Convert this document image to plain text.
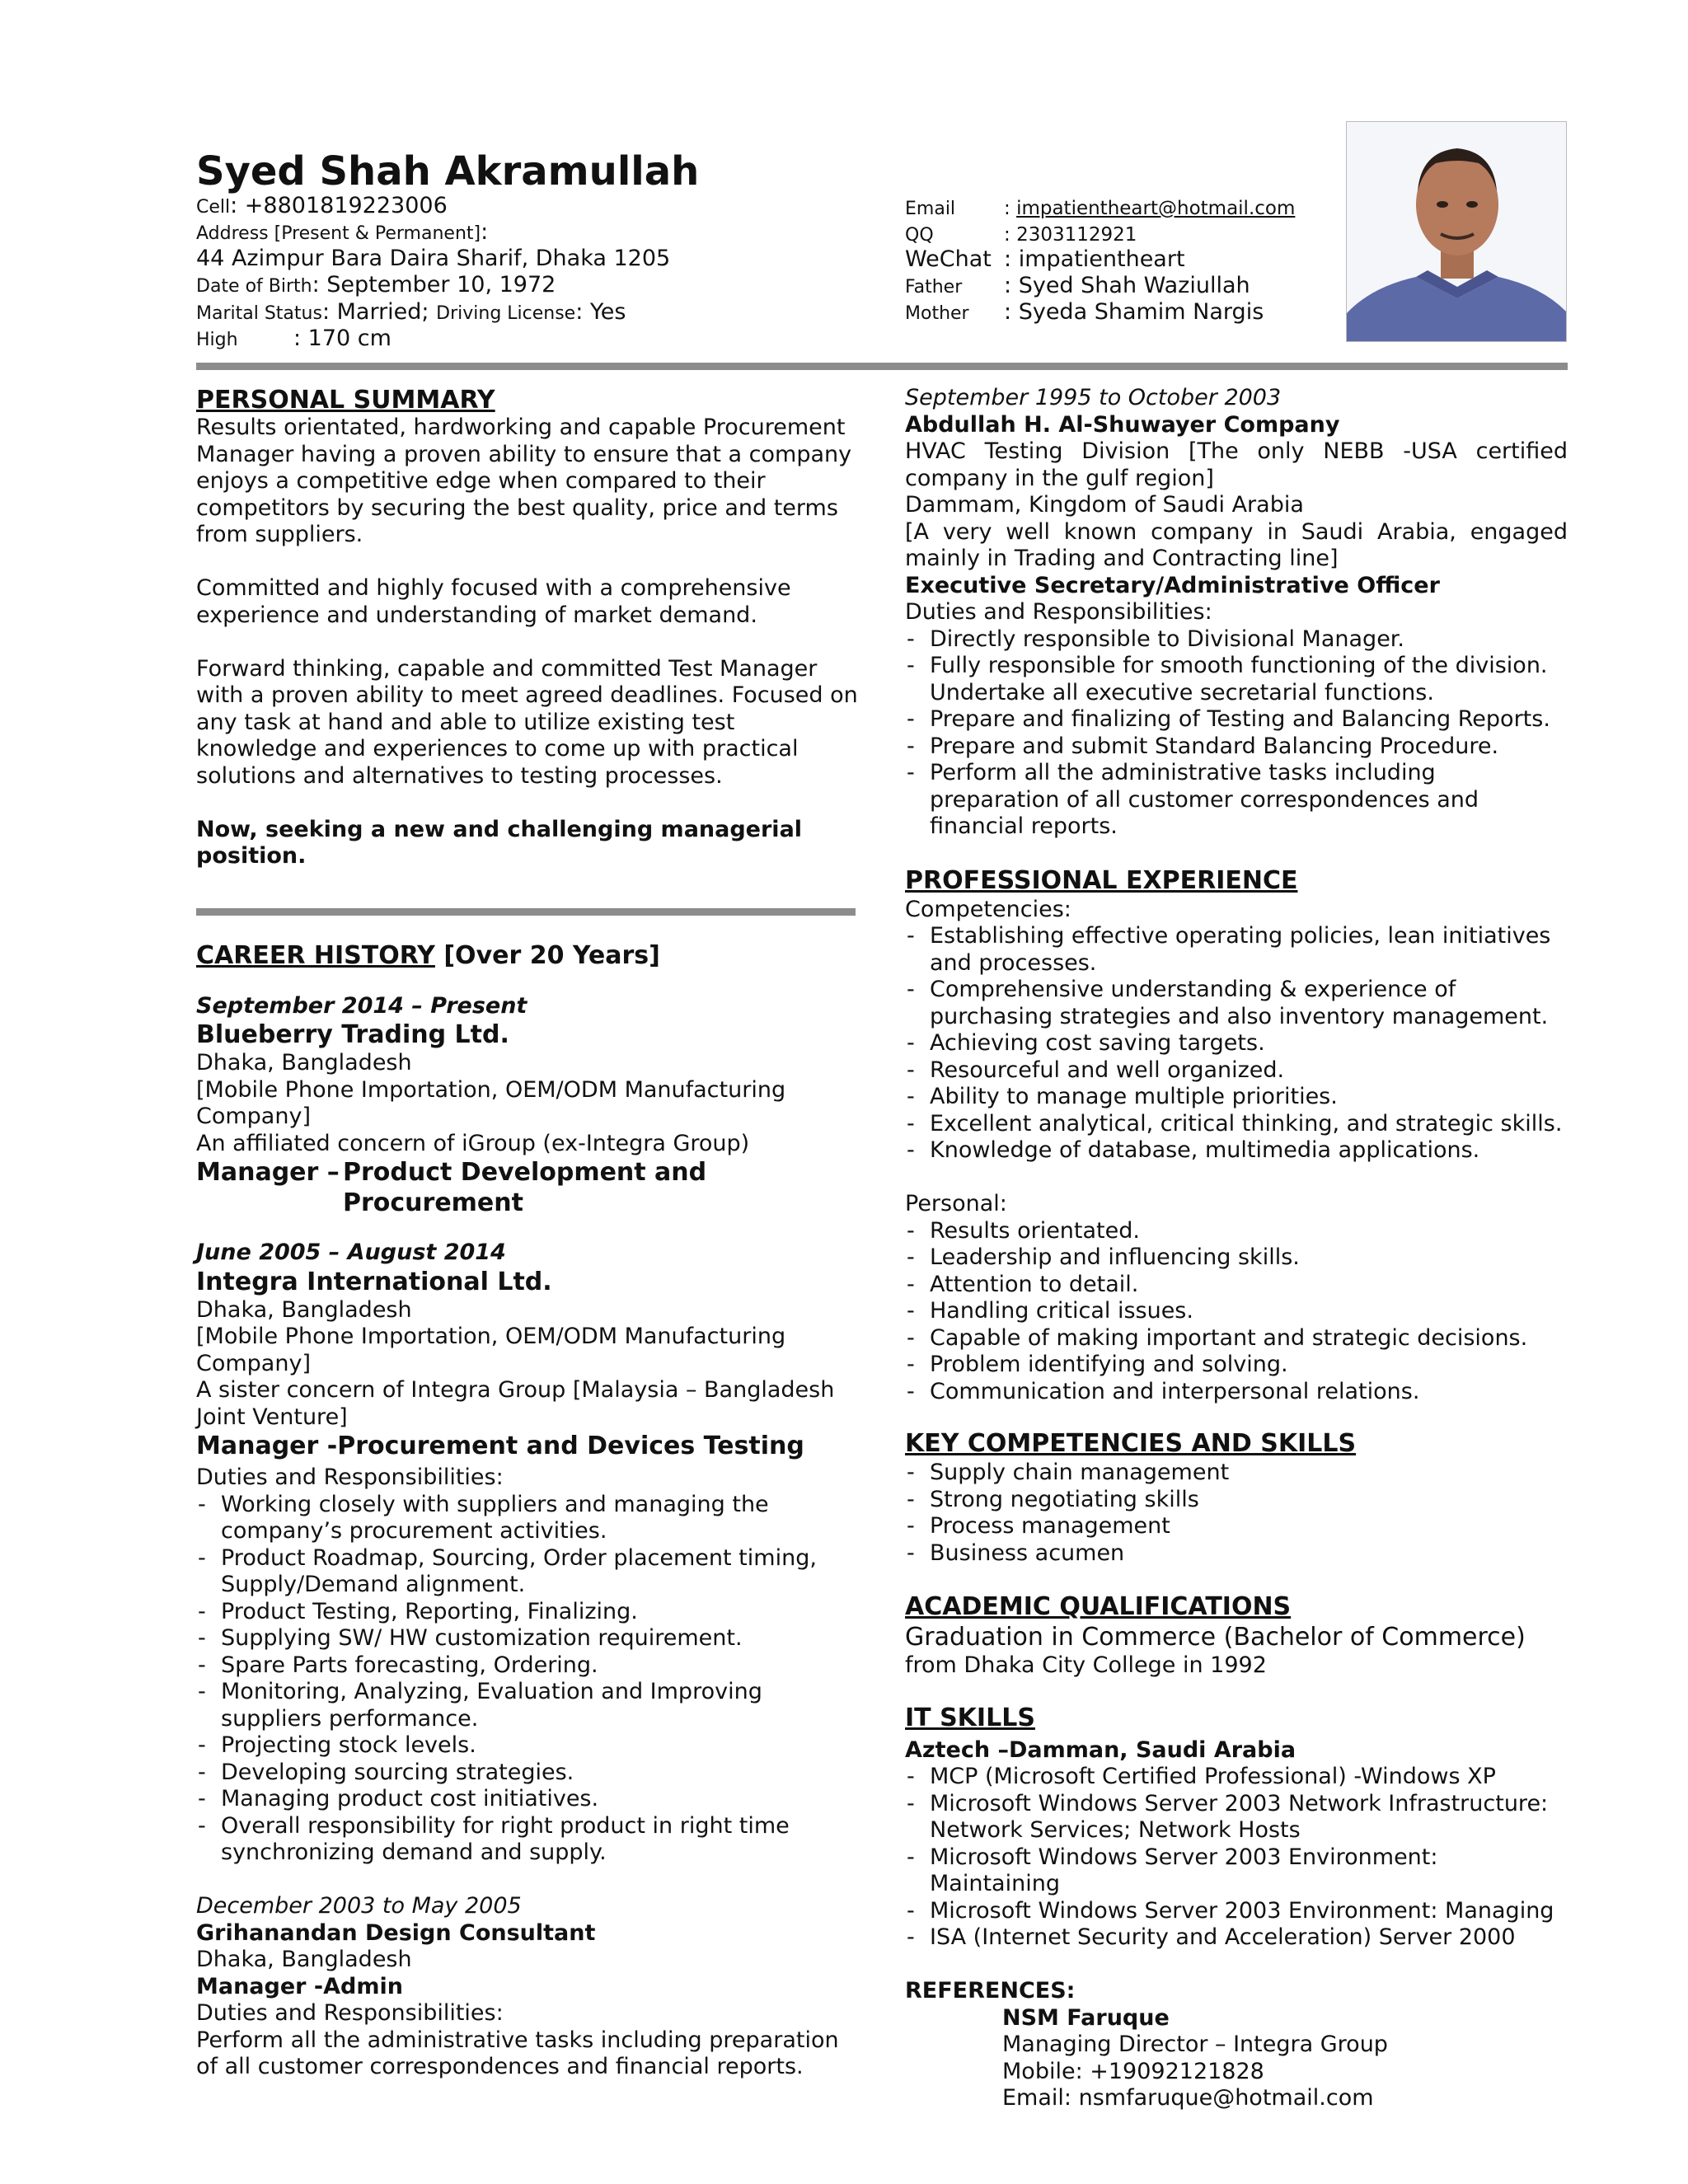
Syed Shah Akramullah
Cell: +8801819223006
Address [Present & Permanent]:
44 Azimpur Bara Daira Sharif, Dhaka 1205
Date of Birth: September 10, 1972
Marital Status: Married; Driving License: Yes
High : 170 cm
Email	: impatientheart@hotmail.com
QQ	: 2303112921
WeChat : impatientheart
Father : Syed Shah Waziullah
Mother : Syeda Shamim Nargis
PERSONAL SUMMARY

Results orientated, hardworking and capable Procurement Manager having a proven ability to ensure that a company enjoys a competitive edge when compared to their competitors by securing the best quality, price and terms from suppliers.

Committed and highly focused with a comprehensive experience and understanding of market demand.

Forward thinking, capable and committed Test Manager with a proven ability to meet agreed deadlines. Focused on any task at hand and able to utilize existing test knowledge and experiences to come up with practical solutions and alternatives to testing processes.

Now, seeking a new and challenging managerial position.

CAREER HISTORY [Over 20 Years]
September 2014 – Present
Blueberry Trading Ltd.
Dhaka, Bangladesh
[Mobile Phone Importation, OEM/ODM Manufacturing Company]
An affiliated concern of iGroup (ex-Integra Group)
Manager – Product Development and Procurement
June 2005 – August 2014
Integra International Ltd.
Dhaka, Bangladesh
[Mobile Phone Importation, OEM/ODM Manufacturing Company]
A sister concern of Integra Group [Malaysia – Bangladesh Joint Venture]
Manager -Procurement and Devices Testing
Duties and Responsibilities:
- Working closely with suppliers and managing the company’s procurement activities.
- Product Roadmap, Sourcing, Order placement timing, Supply/Demand alignment.
- Product Testing, Reporting, Finalizing.
- Supplying SW/ HW customization requirement.
- Spare Parts forecasting, Ordering.
- Monitoring, Analyzing, Evaluation and Improving suppliers performance.
- Projecting stock levels.
- Developing sourcing strategies.
- Managing product cost initiatives.
- Overall responsibility for right product in right time synchronizing demand and supply.
December 2003 to May 2005
Grihanandan Design Consultant
Dhaka, Bangladesh
Manager -Admin
Duties and Responsibilities:
Perform all the administrative tasks including preparation of all customer correspondences and financial reports.
September 1995 to October 2003
Abdullah H. Al-Shuwayer Company
HVAC Testing Division [The only NEBB -USA certified company in the gulf region]
Dammam, Kingdom of Saudi Arabia
[A very well known company in Saudi Arabia, engaged mainly in Trading and Contracting line]
Executive Secretary/Administrative Officer
Duties and Responsibilities:
- Directly responsible to Divisional Manager.
- Fully responsible for smooth functioning of the division. Undertake all executive secretarial functions.
- Prepare and finalizing of Testing and Balancing Reports.
- Prepare and submit Standard Balancing Procedure.
- Perform all the administrative tasks including preparation of all customer correspondences and financial reports.
PROFESSIONAL EXPERIENCE
Competencies:
- Establishing effective operating policies, lean initiatives and processes.
- Comprehensive understanding & experience of purchasing strategies and also inventory management.
- Achieving cost saving targets.
- Resourceful and well organized.
- Ability to manage multiple priorities.
- Excellent analytical, critical thinking, and strategic skills.
- Knowledge of database, multimedia applications.
Personal:
- Results orientated.
- Leadership and influencing skills.
- Attention to detail.
- Handling critical issues.
- Capable of making important and strategic decisions.
- Problem identifying and solving.
- Communication and interpersonal relations.
KEY COMPETENCIES AND SKILLS
- Supply chain management
- Strong negotiating skills
- Process management
- Business acumen
ACADEMIC QUALIFICATIONS
Graduation in Commerce (Bachelor of Commerce)
from Dhaka City College in 1992
IT SKILLS
Aztech –Damman, Saudi Arabia
- MCP (Microsoft Certified Professional) -Windows XP
- Microsoft Windows Server 2003 Network Infrastructure: Network Services; Network Hosts
- Microsoft Windows Server 2003 Environment: Maintaining
- Microsoft Windows Server 2003 Environment: Managing
- ISA (Internet Security and Acceleration) Server 2000
REFERENCES:
NSM Faruque
Managing Director – Integra Group
Mobile: +19092121828
Email: nsmfaruque@hotmail.com
